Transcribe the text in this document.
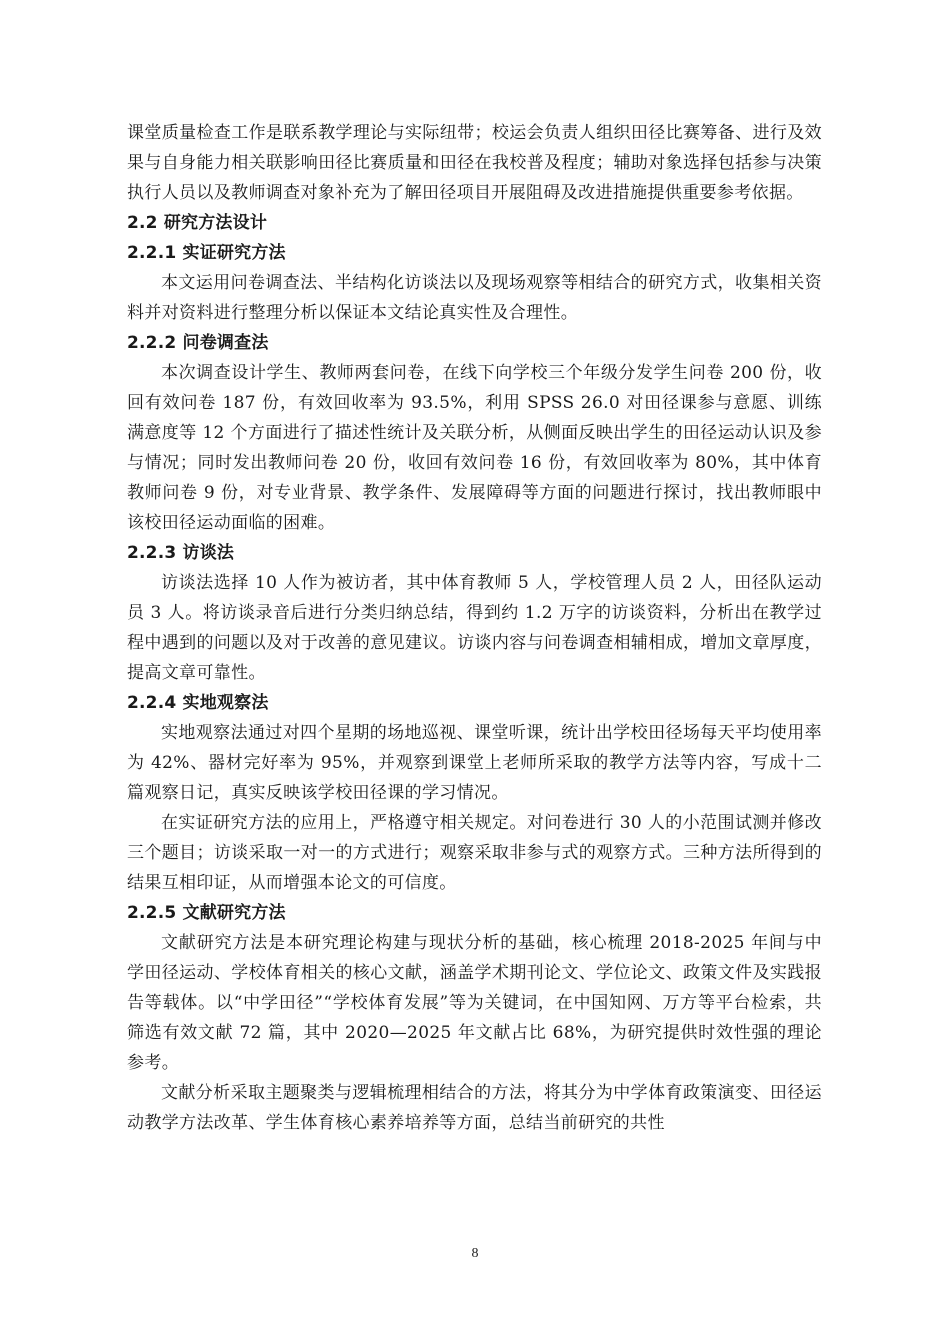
课堂质量检查工作是联系教学理论与实际纽带；校运会负责人组织田径比赛筹备、进行及效果与自身能力相关联影响田径比赛质量和田径在我校普及程度；辅助对象选择包括参与决策执行人员以及教师调查对象补充为了解田径项目开展阻碍及改进措施提供重要参考依据。

2.2 研究方法设计

2.2.1 实证研究方法

本文运用问卷调查法、半结构化访谈法以及现场观察等相结合的研究方式，收集相关资料并对资料进行整理分析以保证本文结论真实性及合理性。

2.2.2 问卷调查法

本次调查设计学生、教师两套问卷，在线下向学校三个年级分发学生问卷 200 份，收回有效问卷 187 份，有效回收率为 93.5%，利用 SPSS 26.0 对田径课参与意愿、训练满意度等 12 个方面进行了描述性统计及关联分析，从侧面反映出学生的田径运动认识及参与情况；同时发出教师问卷 20 份，收回有效问卷 16 份，有效回收率为 80%，其中体育教师问卷 9 份，对专业背景、教学条件、发展障碍等方面的问题进行探讨，找出教师眼中该校田径运动面临的困难。

2.2.3 访谈法

访谈法选择 10 人作为被访者，其中体育教师 5 人，学校管理人员 2 人，田径队运动员 3 人。将访谈录音后进行分类归纳总结，得到约 1.2 万字的访谈资料，分析出在教学过程中遇到的问题以及对于改善的意见建议。访谈内容与问卷调查相辅相成，增加文章厚度，提高文章可靠性。

2.2.4 实地观察法

实地观察法通过对四个星期的场地巡视、课堂听课，统计出学校田径场每天平均使用率为 42%、器材完好率为 95%，并观察到课堂上老师所采取的教学方法等内容，写成十二篇观察日记，真实反映该学校田径课的学习情况。

在实证研究方法的应用上，严格遵守相关规定。对问卷进行 30 人的小范围试测并修改三个题目；访谈采取一对一的方式进行；观察采取非参与式的观察方式。三种方法所得到的结果互相印证，从而增强本论文的可信度。

2.2.5 文献研究方法

文献研究方法是本研究理论构建与现状分析的基础，核心梳理 2018-2025 年间与中学田径运动、学校体育相关的核心文献，涵盖学术期刊论文、学位论文、政策文件及实践报告等载体。以“中学田径”“学校体育发展”等为关键词，在中国知网、万方等平台检索，共筛选有效文献 72 篇，其中 2020—2025 年文献占比 68%，为研究提供时效性强的理论参考。

文献分析采取主题聚类与逻辑梳理相结合的方法，将其分为中学体育政策演变、田径运动教学方法改革、学生体育核心素养培养等方面，总结当前研究的共性

8
